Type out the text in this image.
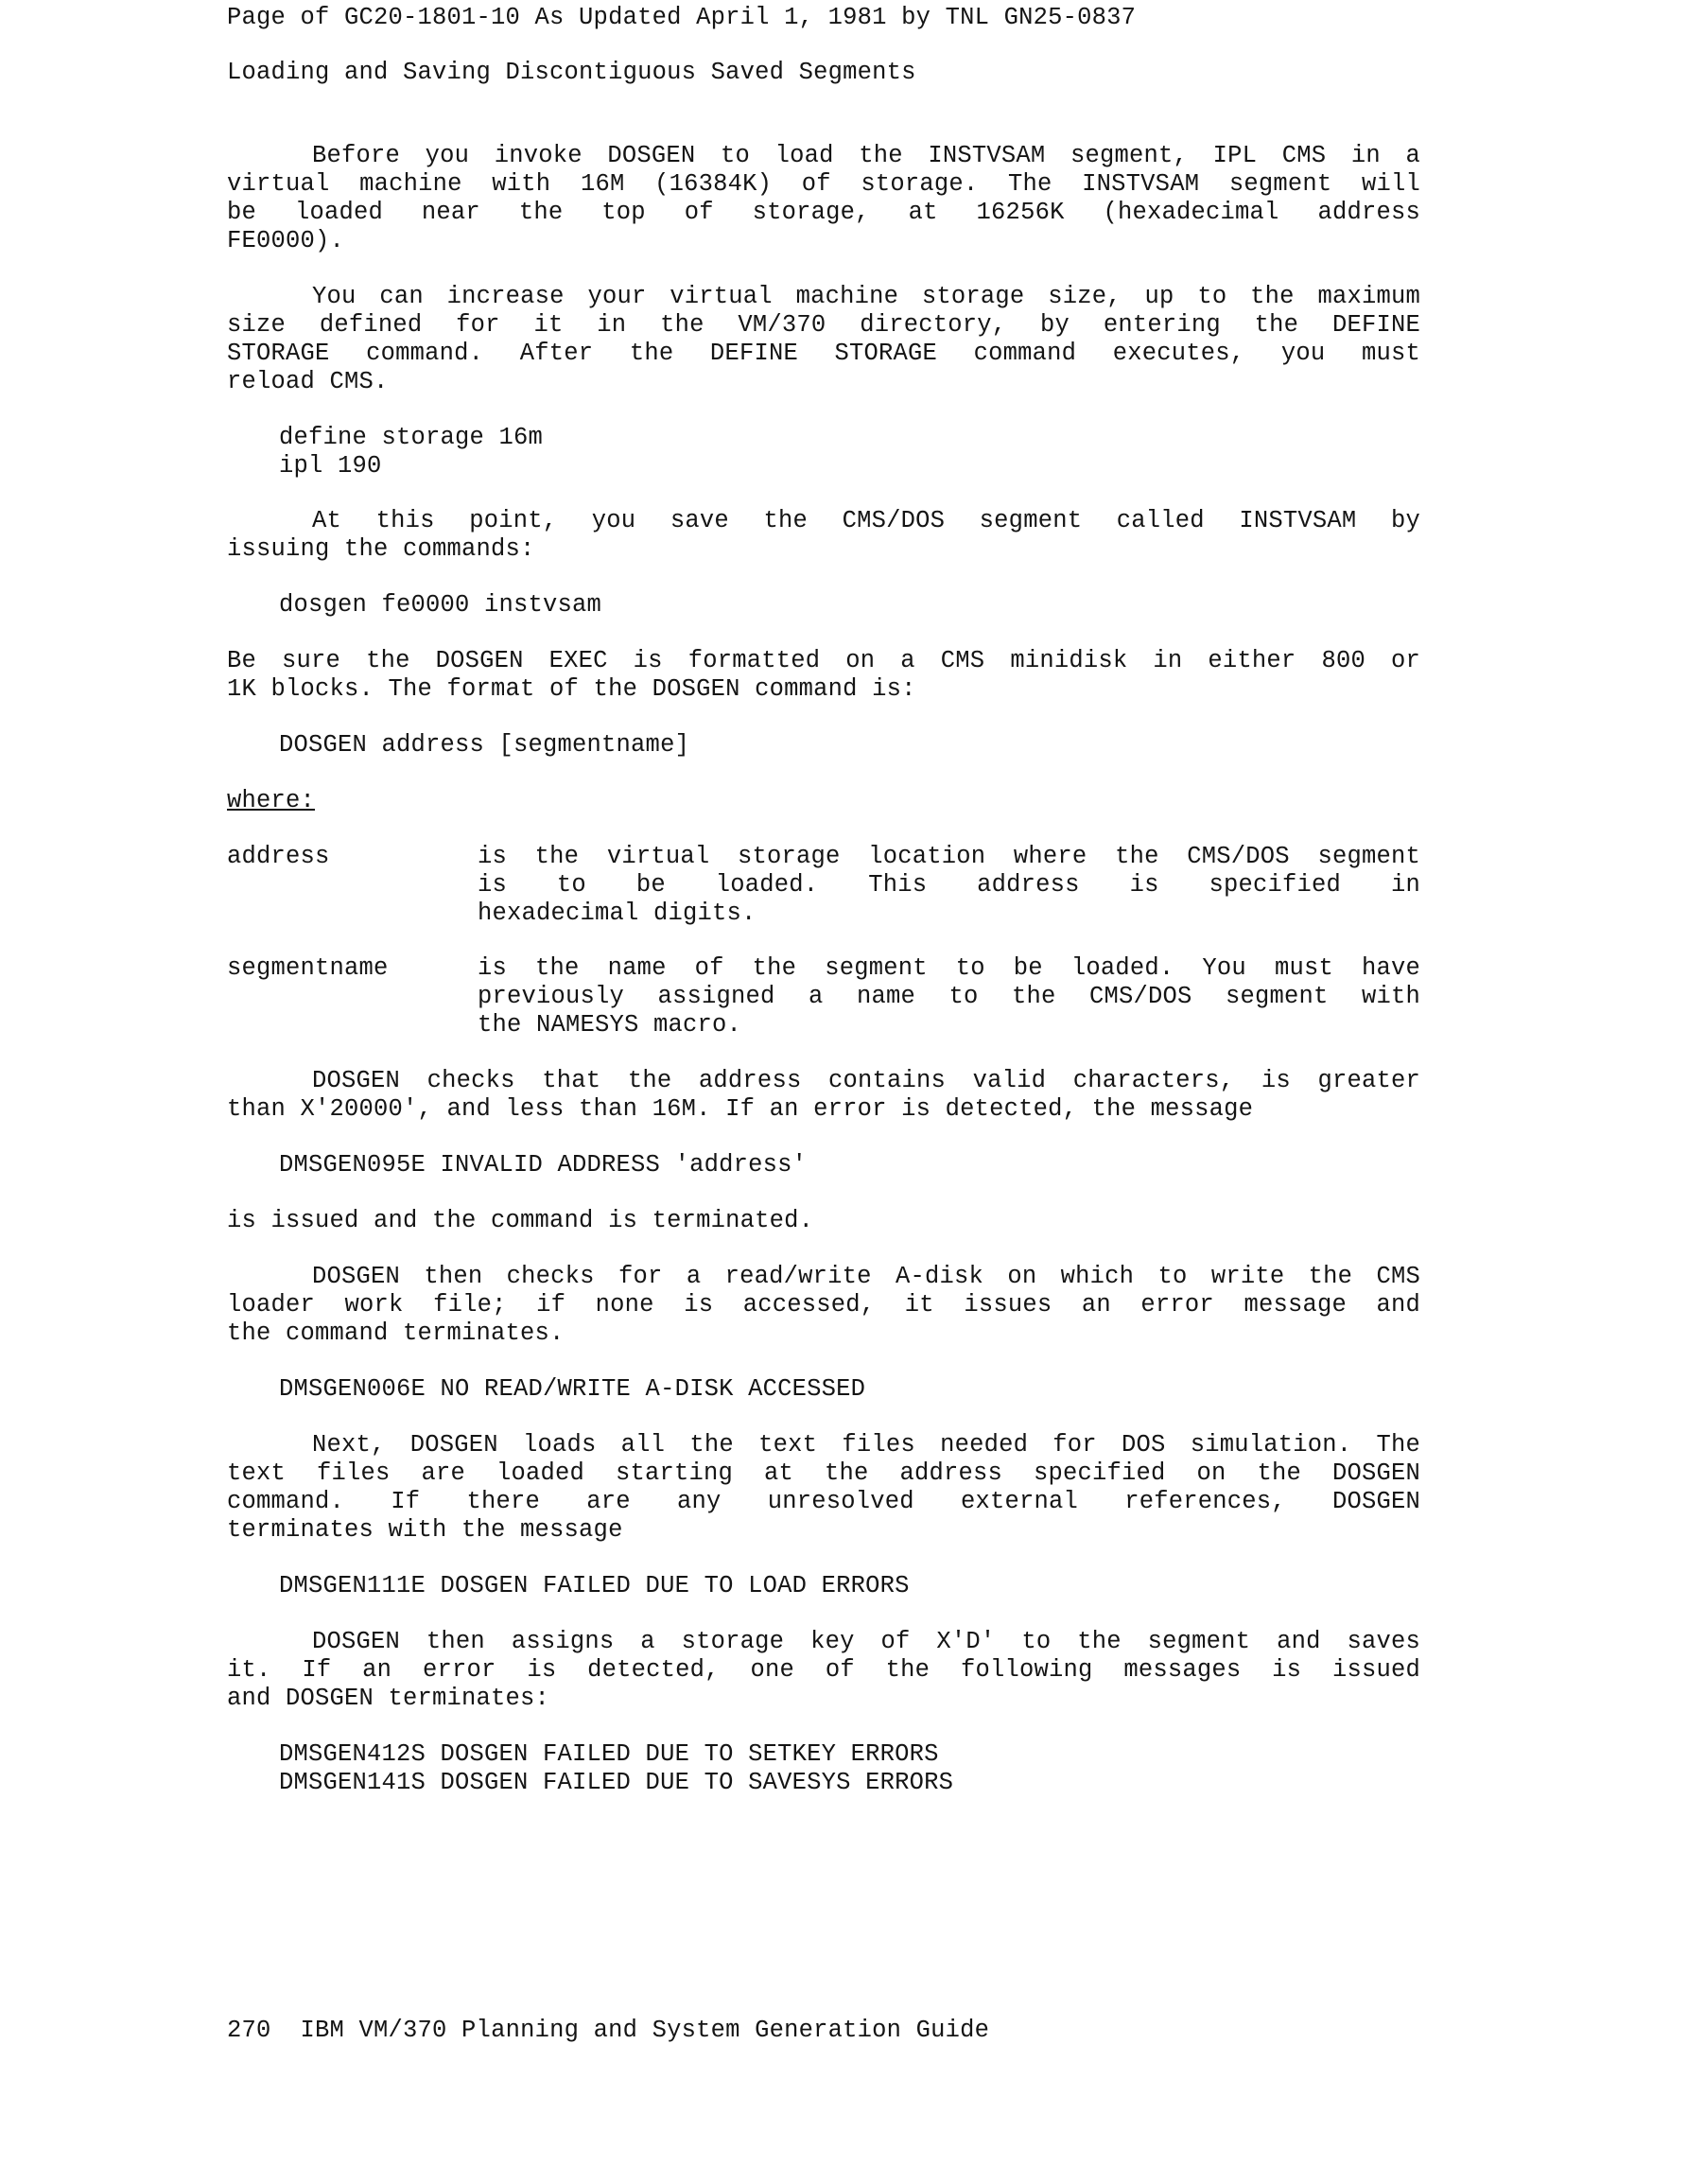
Page of GC20-1801-10 As Updated April 1, 1981 by TNL GN25-0837

Loading and Saving Discontiguous Saved Segments

Before you invoke DOSGEN to load the INSTVSAM segment, IPL CMS in a

virtual machine with 16M (16384K) of storage. The INSTVSAM segment will

be loaded near the top of storage, at 16256K (hexadecimal address

FE0000).

You can increase your virtual machine storage size, up to the maximum

size defined for it in the VM/370 directory, by entering the DEFINE

STORAGE command. After the DEFINE STORAGE command executes, you must

reload CMS.

define storage 16m

ipl 190

At this point, you save the CMS/DOS segment called INSTVSAM by

issuing the commands:

dosgen fe0000 instvsam

Be sure the DOSGEN EXEC is formatted on a CMS minidisk in either 800 or

1K blocks. The format of the DOSGEN command is:

DOSGEN address [segmentname]

where:

address	is the virtual storage location where the CMS/DOS segment

is to be loaded. This address is specified in

hexadecimal digits.

segmentname	is the name of the segment to be loaded. You must have

previously assigned a name to the CMS/DOS segment with

the NAMESYS macro.

DOSGEN checks that the address contains valid characters, is greater

than X'20000', and less than 16M. If an error is detected, the message

DMSGEN095E INVALID ADDRESS 'address'

is issued and the command is terminated.

DOSGEN then checks for a read/write A-disk on which to write the CMS

loader work file; if none is accessed, it issues an error message and

the command terminates.

DMSGEN006E NO READ/WRITE A-DISK ACCESSED

Next, DOSGEN loads all the text files needed for DOS simulation. The

text files are loaded starting at the address specified on the DOSGEN

command. If there are any unresolved external references, DOSGEN

terminates with the message

DMSGEN111E DOSGEN FAILED DUE TO LOAD ERRORS

DOSGEN then assigns a storage key of X'D' to the segment and saves

it. If an error is detected, one of the following messages is issued

and DOSGEN terminates:

DMSGEN412S DOSGEN FAILED DUE TO SETKEY ERRORS

DMSGEN141S DOSGEN FAILED DUE TO SAVESYS ERRORS

270 IBM VM/370 Planning and System Generation Guide
